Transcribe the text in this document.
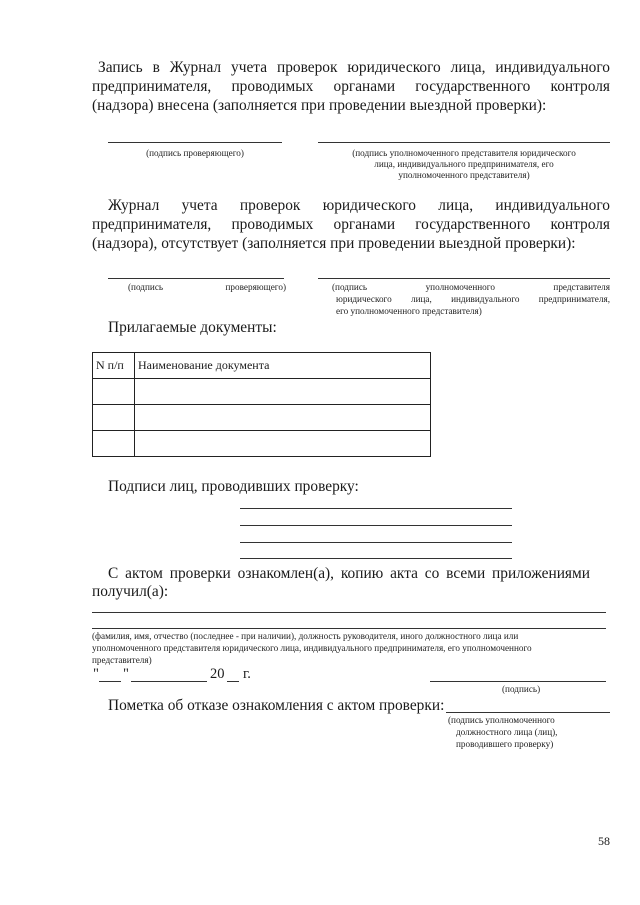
Запись в Журнал учета проверок юридического лица, индивидуального
предпринимателя, проводимых органами государственного контроля
(надзора) внесена (заполняется при проведении выездной проверки):
(подпись проверяющего)	(подпись уполномоченного представителя юридического
лица, индивидуального предпринимателя, его
уполномоченного представителя)
Журнал учета проверок юридического лица, индивидуального
предпринимателя, проводимых органами государственного контроля
(надзора), отсутствует (заполняется при проведении выездной проверки):
(подпись проверяющего)	(подпись уполномоченного представителя
юридического лица, индивидуального предпринимателя,
его уполномоченного представителя)
Прилагаемые документы:
N п/п	Наименование документа

Подписи лиц, проводивших проверку:
С актом проверки ознакомлен(а), копию акта со всеми приложениями
получил(а):
(фамилия, имя, отчество (последнее - при наличии), должность руководителя, иного должностного лица или
уполномоченного представителя юридического лица, индивидуального предпринимателя, его уполномоченного
представителя)
" "	20 г.
(подпись)
Пометка об отказе ознакомления с актом проверки:
(подпись уполномоченного
должностного лица (лиц),
проводившего проверку)
58
